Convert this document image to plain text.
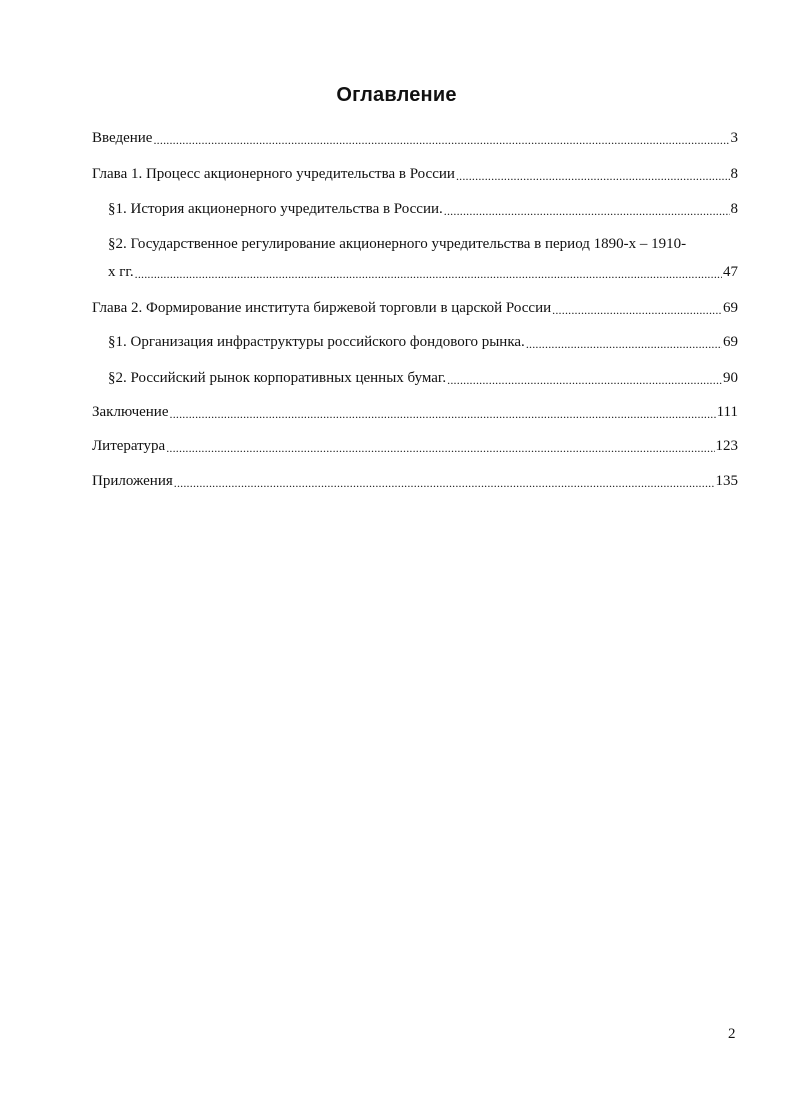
Оглавление
Введение .....	3
Глава 1. Процесс акционерного учредительства в России .....	8
§1. История акционерного учредительства в России. .....	8
§2. Государственное регулирование акционерного учредительства в период 1890-х – 1910-
х гг. .....	47
Глава 2. Формирование института биржевой торговли в царской России .....	69
§1. Организация инфраструктуры российского фондового рынка. .....	69
§2. Российский рынок корпоративных ценных бумаг. .....	90
Заключение .....	111
Литература .....	123
Приложения .....	135
2
